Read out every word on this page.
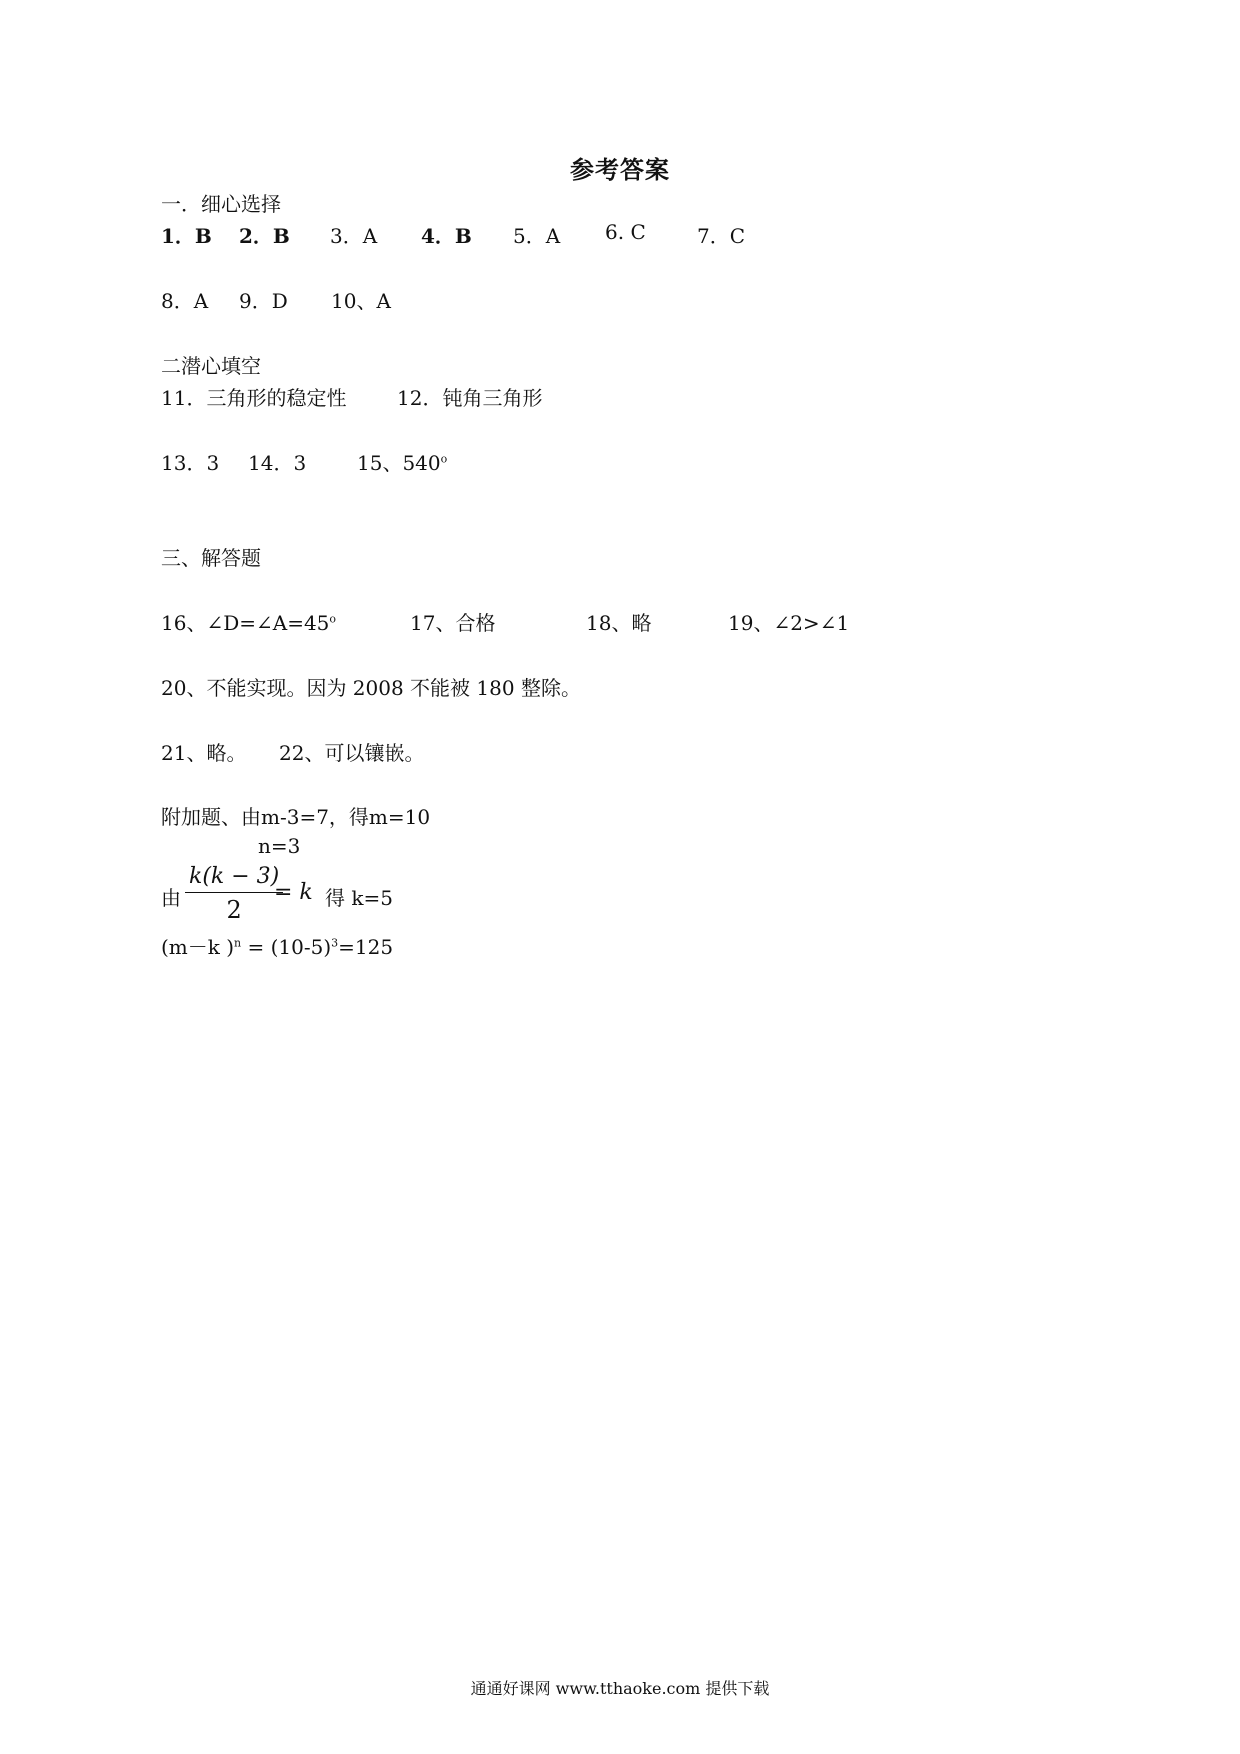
参考答案
一．细心选择
1．B 2．B 3．A 4．B 5．A 6. C	7．C
8．A 9．D 10、A
二潜心填空
11．三角形的稳定性	12．钝角三角形
13．3 14．3	15、540$^o$
三、解答题
16、$\angle D=\angle A=45^o$	17、合格	18、略	19、∠2>∠1
20、不能实现。因为 2008 不能被 180 整除。
21、略。 22、可以镶嵌。
附加题、由m-3=7，得m=10
n=3
由 $\frac{k(k - 3)}{2}$
= k 得 k=5
(m－k )$^n = (10-5)^3=125$
通通好课网 www.tthaoke.com 提供下载
